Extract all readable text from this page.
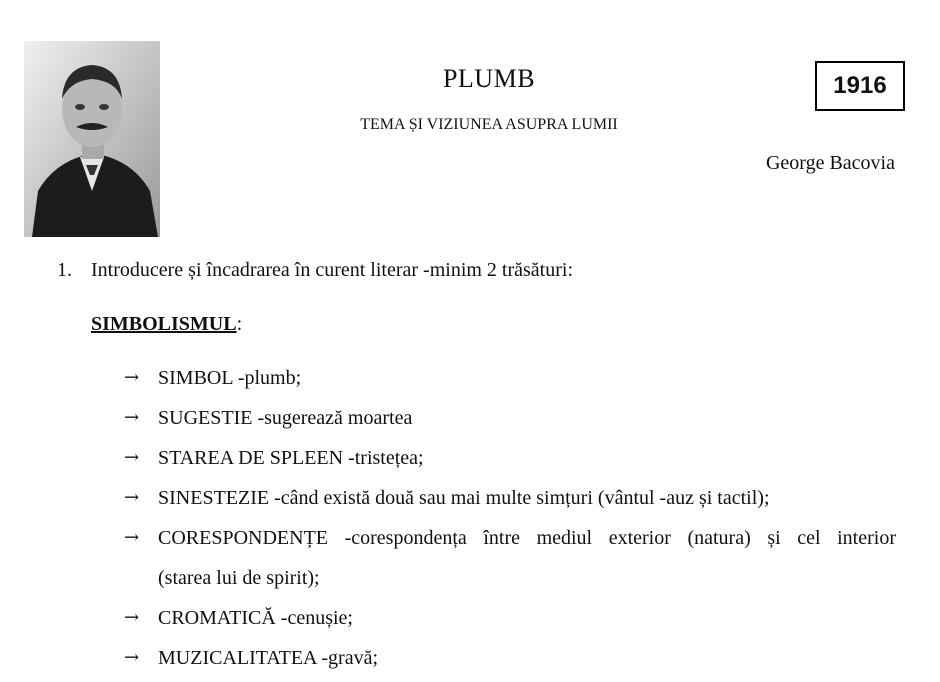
PLUMB
TEMA ȘI VIZIUNEA ASUPRA LUMII
1916
George Bacovia
1. Introducere și încadrarea în curent literar -minim 2 trăsături:
SIMBOLISMUL:
→ SIMBOL -plumb;
→ SUGESTIE -sugerează moartea
→ STAREA DE SPLEEN -tristețea;
→ SINESTEZIE -când există două sau mai multe simțuri (vântul -auz și tactil);
→ CORESPONDENȚE -corespondența între mediul exterior (natura) și cel interior
(starea lui de spirit);
→ CROMATICĂ -cenușie;
→ MUZICALITATEA -gravă;
